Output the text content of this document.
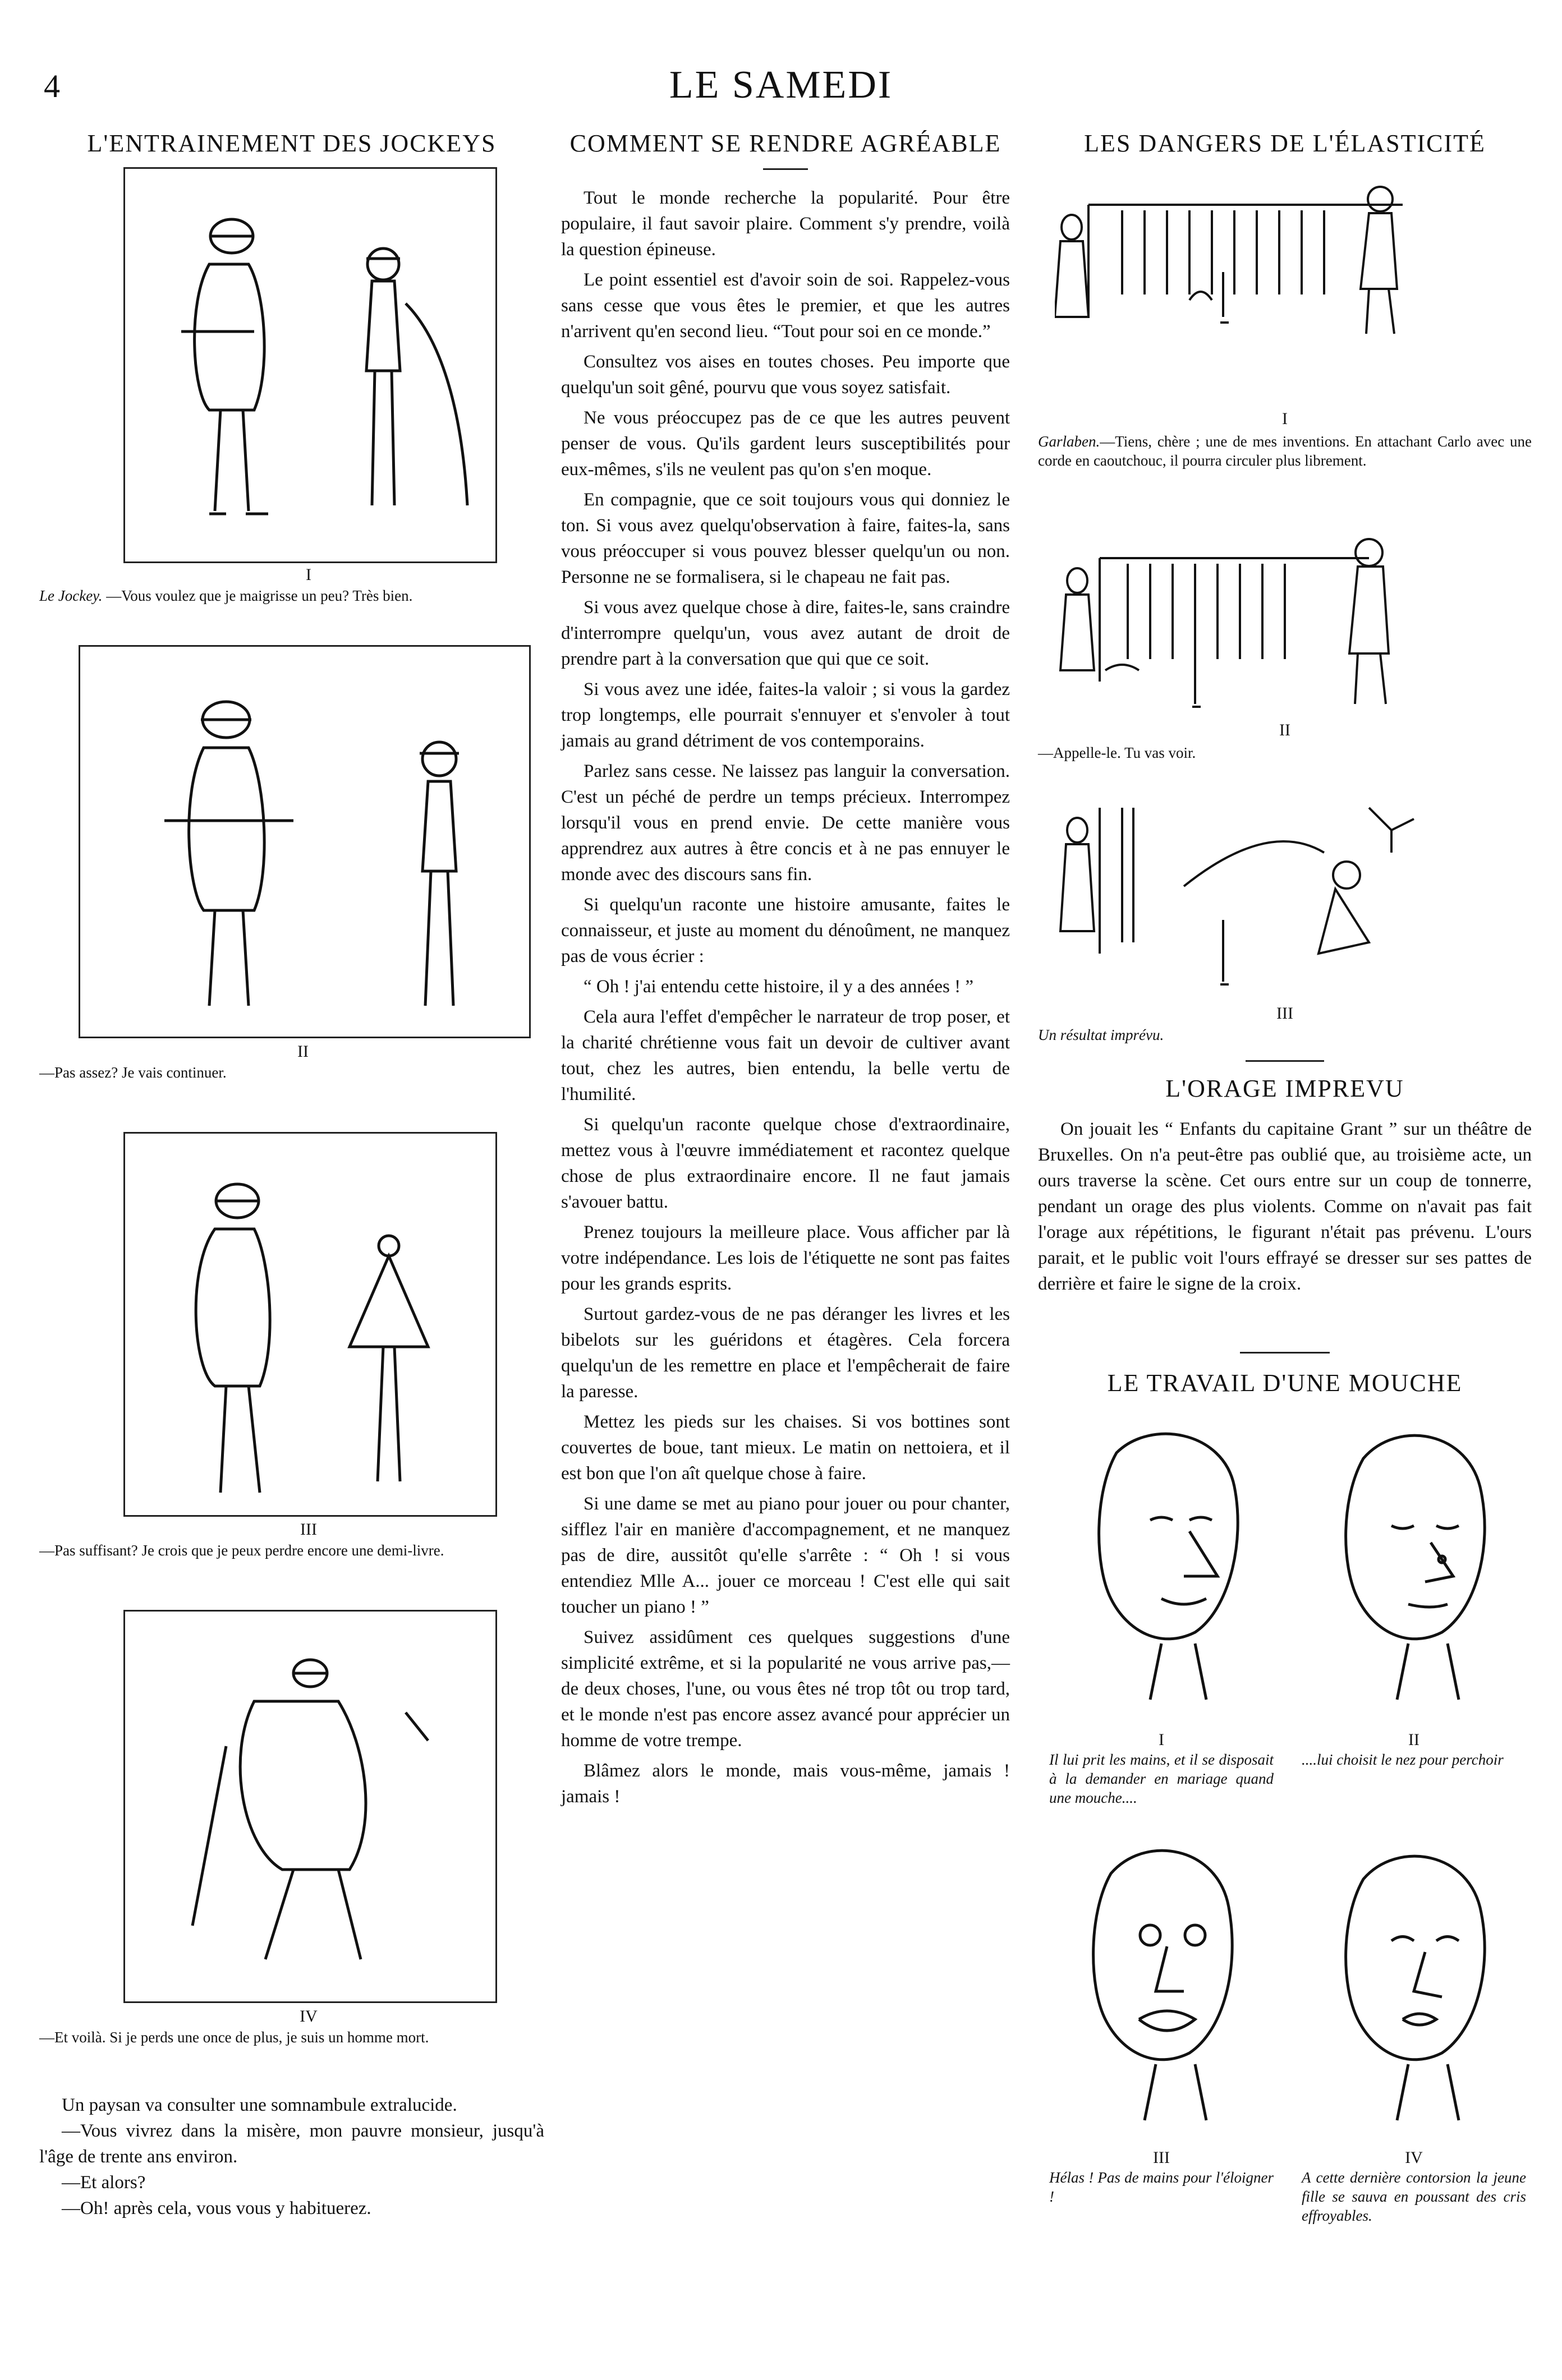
4	LE SAMEDI
L'ENTRAINEMENT DES JOCKEYS
I
Le Jockey. —Vous voulez que je maigrisse un peu? Très bien.
II
—Pas assez? Je vais continuer.
III
—Pas suffisant? Je crois que je peux perdre encore une demi-livre.
IV
—Et voilà. Si je perds une once de plus, je suis un homme mort.

Un paysan va consulter une somnambule extralucide.

—Vous vivrez dans la misère, mon pauvre monsieur, jusqu'à l'âge de trente ans environ.

—Et alors?

—Oh! après cela, vous vous y habituerez.

COMMENT SE RENDRE AGRÉABLE

Tout le monde recherche la popularité. Pour être populaire, il faut savoir plaire. Comment s'y prendre, voilà la question épineuse.

Le point essentiel est d'avoir soin de soi. Rappelez-vous sans cesse que vous êtes le premier, et que les autres n'arrivent qu'en second lieu. “Tout pour soi en ce monde.”

Consultez vos aises en toutes choses. Peu importe que quelqu'un soit gêné, pourvu que vous soyez satisfait.

Ne vous préoccupez pas de ce que les autres peuvent penser de vous. Qu'ils gardent leurs susceptibilités pour eux-mêmes, s'ils ne veulent pas qu'on s'en moque.

En compagnie, que ce soit toujours vous qui donniez le ton. Si vous avez quelqu'observation à faire, faites-la, sans vous préoccuper si vous pouvez blesser quelqu'un ou non. Personne ne se formalisera, si le chapeau ne fait pas.

Si vous avez quelque chose à dire, faites-le, sans craindre d'interrompre quelqu'un, vous avez autant de droit de prendre part à la conversation que qui que ce soit.

Si vous avez une idée, faites-la valoir ; si vous la gardez trop longtemps, elle pourrait s'ennuyer et s'envoler à tout jamais au grand détriment de vos contemporains.

Parlez sans cesse. Ne laissez pas languir la conversation. C'est un péché de perdre un temps précieux. Interrompez lorsqu'il vous en prend envie. De cette manière vous apprendrez aux autres à être concis et à ne pas ennuyer le monde avec des discours sans fin.

Si quelqu'un raconte une histoire amusante, faites le connaisseur, et juste au moment du dénoûment, ne manquez pas de vous écrier :

“ Oh ! j'ai entendu cette histoire, il y a des années ! ”

Cela aura l'effet d'empêcher le narrateur de trop poser, et la charité chrétienne vous fait un devoir de cultiver avant tout, chez les autres, bien entendu, la belle vertu de l'humilité.

Si quelqu'un raconte quelque chose d'extraordinaire, mettez vous à l'œuvre immédiatement et racontez quelque chose de plus extraordinaire encore. Il ne faut jamais s'avouer battu.

Prenez toujours la meilleure place. Vous afficher par là votre indépendance. Les lois de l'étiquette ne sont pas faites pour les grands esprits.

Surtout gardez-vous de ne pas déranger les livres et les bibelots sur les guéridons et étagères. Cela forcera quelqu'un de les remettre en place et l'empêcherait de faire la paresse.

Mettez les pieds sur les chaises. Si vos bottines sont couvertes de boue, tant mieux. Le matin on nettoiera, et il est bon que l'on aît quelque chose à faire.

Si une dame se met au piano pour jouer ou pour chanter, sifflez l'air en manière d'accompagnement, et ne manquez pas de dire, aussitôt qu'elle s'arrête : “ Oh ! si vous entendiez Mlle A... jouer ce morceau ! C'est elle qui sait toucher un piano ! ”

Suivez assidûment ces quelques suggestions d'une simplicité extrême, et si la popularité ne vous arrive pas,—de deux choses, l'une, ou vous êtes né trop tôt ou trop tard, et le monde n'est pas encore assez avancé pour apprécier un homme de votre trempe.

Blâmez alors le monde, mais vous-même, jamais ! jamais !

LES DANGERS DE L'ÉLASTICITÉ
I
Garlaben.—Tiens, chère ; une de mes inventions. En attachant Carlo avec une corde en caoutchouc, il pourra circuler plus librement.
II
—Appelle-le. Tu vas voir.
III
Un résultat imprévu.
L'ORAGE IMPREVU

On jouait les “ Enfants du capitaine Grant ” sur un théâtre de Bruxelles. On n'a peut-être pas oublié que, au troisième acte, un ours traverse la scène. Cet ours entre sur un coup de tonnerre, pendant un orage des plus violents. Comme on n'avait pas fait l'orage aux répétitions, le figurant n'était pas prévenu. L'ours parait, et le public voit l'ours effrayé se dresser sur ses pattes de derrière et faire le signe de la croix.

LE TRAVAIL D'UNE MOUCHE
I
Il lui prit les mains, et il se disposait à la demander en mariage quand une mouche....
II
....lui choisit le nez pour perchoir
III
Hélas ! Pas de mains pour l'éloigner !
IV
A cette dernière contorsion la jeune fille se sauva en poussant des cris effroyables.
